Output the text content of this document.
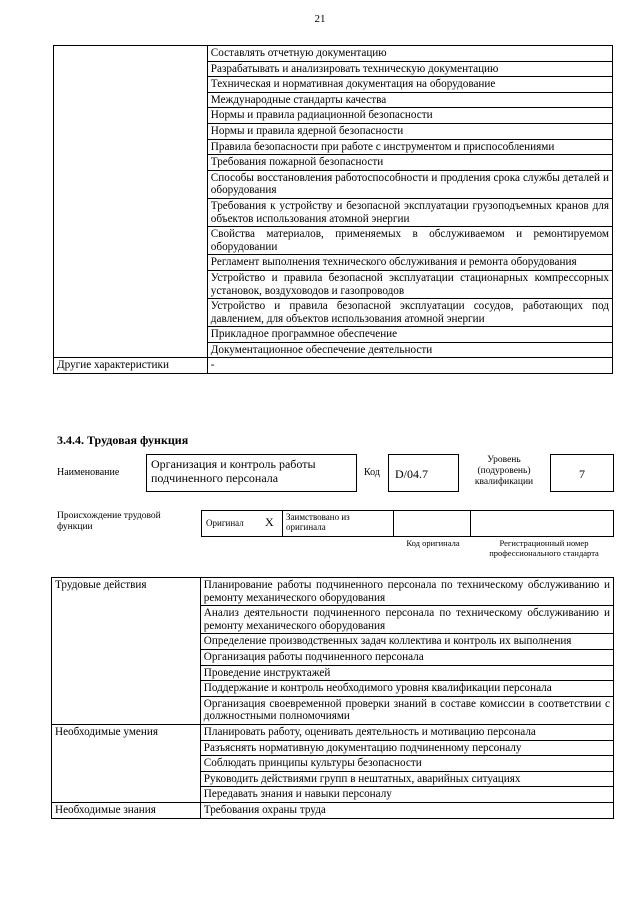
21
	Составлять отчетную документацию
	Разрабатывать и анализировать техническую документацию
	Техническая и нормативная документация на оборудование
	Международные стандарты качества
	Нормы и правила радиационной безопасности
	Нормы и правила ядерной безопасности
	Правила безопасности при работе с инструментом и приспособлениями
	Требования пожарной безопасности
	Способы восстановления работоспособности и продления срока службы деталей и оборудования
	Требования к устройству и безопасной эксплуатации грузоподъемных кранов для объектов использования атомной энергии
	Свойства материалов, применяемых в обслуживаемом и ремонтируемом оборудовании
	Регламент выполнения технического обслуживания и ремонта оборудования
	Устройство и правила безопасной эксплуатации стационарных компрессорных установок, воздуховодов и газопроводов
	Устройство и правила безопасной эксплуатации сосудов, работающих под давлением, для объектов использования атомной энергии
	Прикладное программное обеспечение
	Документационное обеспечение деятельности
Другие характеристики	-
3.4.4. Трудовая функция
Наименование
Организация и контроль работы подчиненного персонала	Код D/04.7
Уровень (подуровень) квалификации
7
Происхождение трудовой функции	Оригинал X Заимствовано из оригинала
Код оригинала	Регистрационный номер профессионального стандарта
Трудовые действия	Планирование работы подчиненного персонала по техническому обслуживанию и ремонту механического оборудования
	Анализ деятельности подчиненного персонала по техническому обслуживанию и ремонту механического оборудования
	Определение производственных задач коллектива и контроль их выполнения
	Организация работы подчиненного персонала
	Проведение инструктажей
	Поддержание и контроль необходимого уровня квалификации персонала
	Организация своевременной проверки знаний в составе комиссии в соответствии с должностными полномочиями
Необходимые умения	Планировать работу, оценивать деятельность и мотивацию персонала
	Разъяснять нормативную документацию подчиненному персоналу
	Соблюдать принципы культуры безопасности
	Руководить действиями групп в нештатных, аварийных ситуациях
	Передавать знания и навыки персоналу
Необходимые знания	Требования охраны труда
